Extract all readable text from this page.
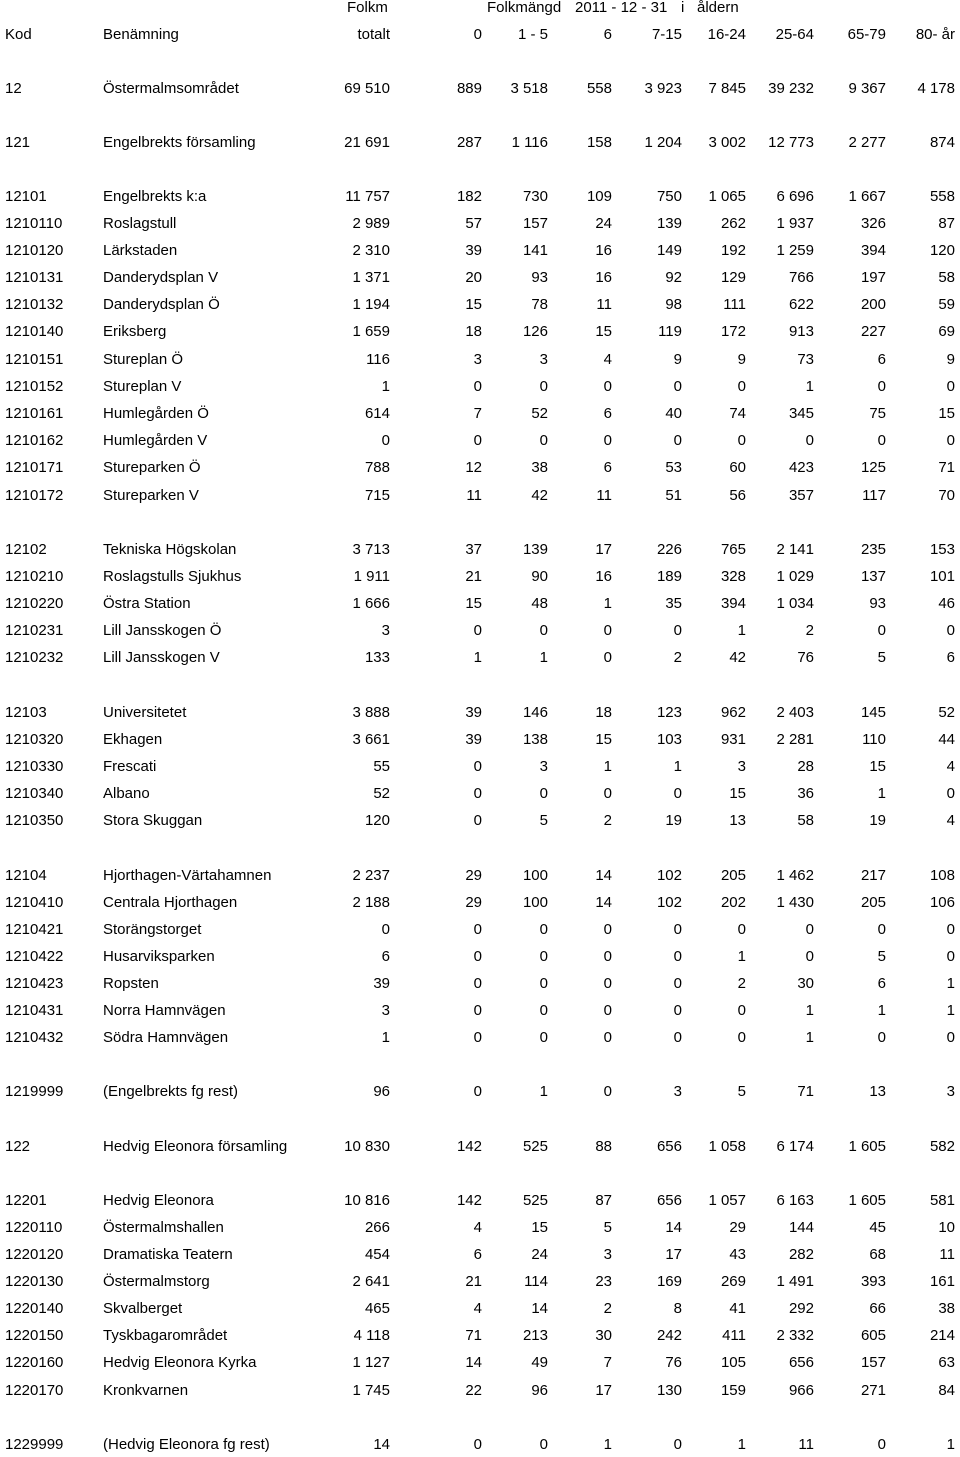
Folkm	Folkmängd 2011 - 12 - 31 i åldern
Kod	Benämning	totalt	0	1 - 5	6	7-15	16-24	25-64	65-79	80- år
12	Östermalmsområdet	69 510	889	3 518	558	3 923	7 845	39 232	9 367	4 178
121	Engelbrekts församling	21 691	287	1 116	158	1 204	3 002	12 773	2 277	874
12101	Engelbrekts k:a	11 757	182	730	109	750	1 065	6 696	1 667	558
1210110	Roslagstull	2 989	57	157	24	139	262	1 937	326	87
1210120	Lärkstaden	2 310	39	141	16	149	192	1 259	394	120
1210131	Danderydsplan V	1 371	20	93	16	92	129	766	197	58
1210132	Danderydsplan Ö	1 194	15	78	11	98	111	622	200	59
1210140	Eriksberg	1 659	18	126	15	119	172	913	227	69
1210151	Stureplan Ö	116	3	3	4	9	9	73	6	9
1210152	Stureplan V	1	0	0	0	0	0	1	0	0
1210161	Humlegården Ö	614	7	52	6	40	74	345	75	15
1210162	Humlegården V	0	0	0	0	0	0	0	0	0
1210171	Stureparken Ö	788	12	38	6	53	60	423	125	71
1210172	Stureparken V	715	11	42	11	51	56	357	117	70
12102	Tekniska Högskolan	3 713	37	139	17	226	765	2 141	235	153
1210210	Roslagstulls Sjukhus	1 911	21	90	16	189	328	1 029	137	101
1210220	Östra Station	1 666	15	48	1	35	394	1 034	93	46
1210231	Lill Jansskogen Ö	3	0	0	0	0	1	2	0	0
1210232	Lill Jansskogen V	133	1	1	0	2	42	76	5	6
12103	Universitetet	3 888	39	146	18	123	962	2 403	145	52
1210320	Ekhagen	3 661	39	138	15	103	931	2 281	110	44
1210330	Frescati	55	0	3	1	1	3	28	15	4
1210340	Albano	52	0	0	0	0	15	36	1	0
1210350	Stora Skuggan	120	0	5	2	19	13	58	19	4
12104	Hjorthagen-Värtahamnen	2 237	29	100	14	102	205	1 462	217	108
1210410	Centrala Hjorthagen	2 188	29	100	14	102	202	1 430	205	106
1210421	Storängstorget	0	0	0	0	0	0	0	0	0
1210422	Husarviksparken	6	0	0	0	0	1	0	5	0
1210423	Ropsten	39	0	0	0	0	2	30	6	1
1210431	Norra Hamnvägen	3	0	0	0	0	0	1	1	1
1210432	Södra Hamnvägen	1	0	0	0	0	0	1	0	0
1219999	(Engelbrekts fg rest)	96	0	1	0	3	5	71	13	3
122	Hedvig Eleonora församling	10 830	142	525	88	656	1 058	6 174	1 605	582
12201	Hedvig Eleonora	10 816	142	525	87	656	1 057	6 163	1 605	581
1220110	Östermalmshallen	266	4	15	5	14	29	144	45	10
1220120	Dramatiska Teatern	454	6	24	3	17	43	282	68	11
1220130	Östermalmstorg	2 641	21	114	23	169	269	1 491	393	161
1220140	Skvalberget	465	4	14	2	8	41	292	66	38
1220150	Tyskbagarområdet	4 118	71	213	30	242	411	2 332	605	214
1220160	Hedvig Eleonora Kyrka	1 127	14	49	7	76	105	656	157	63
1220170	Kronkvarnen	1 745	22	96	17	130	159	966	271	84
1229999	(Hedvig Eleonora fg rest)	14	0	0	1	0	1	11	0	1
